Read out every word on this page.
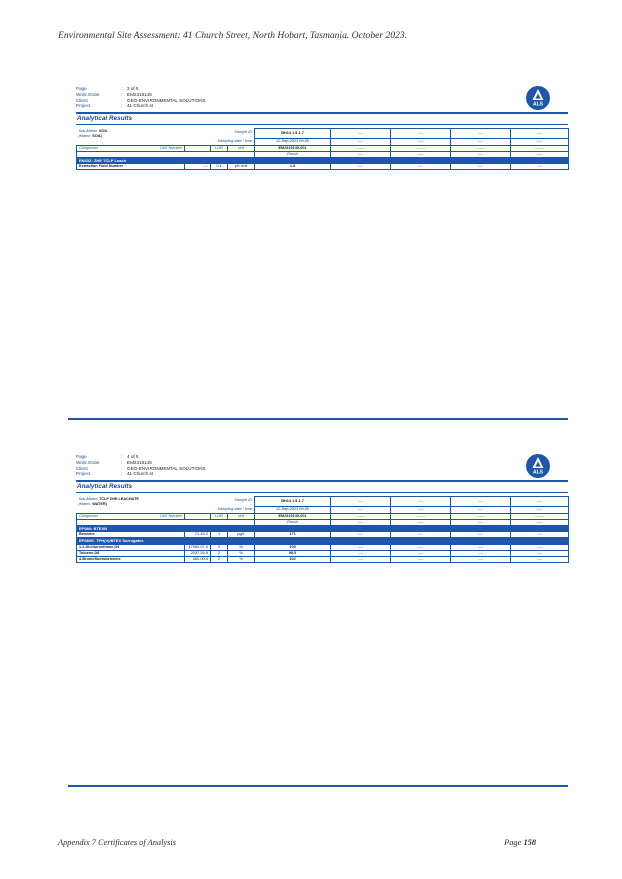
Environmental Site Assessment: 41 Church Street, North Hobart, Tasmania. October 2023.
Page	:	3 of 5
Work Order	:	EM2319145
Client	:	GEO-ENVIRONMENTAL SOLUTIONS
Project	:	41 Church st	ALS
Analytical Results
Sub-Matrix: SOIL
(Matrix: SOIL)
Sample ID				BH14 1.5-1.7	----	----	----	----
Sampling date / time				22-Sep-2023 09:25	----	----	----	----
Compound CAS Number		LOR	Unit	EM2319145-001	-------	-------	-------	-------
				Result	----	----	----	----
EN33Z: ZHE TCLP Leach								
Extraction Fluid Number	----	0.1	pH Unit	1.8	----	----	----	----
Page	:	4 of 5
Work Order	:	EM2319145
Client	:	GEO-ENVIRONMENTAL SOLUTIONS
Project	:	41 Church st	ALS
Analytical Results
Sub-Matrix: TCLP ZHE LEACHATE
(Matrix: WATER)
Sample ID				BH14 1.5-1.7	----	----	----	----
Sampling date / time				22-Sep-2023 09:25	----	----	----	----
Compound CAS Number		LOR	Unit	EM2319145-001	-------	-------	-------	-------
				Result	----	----	----	----
EP080: BTEXN								
Benzene	71-43-2	1	µg/L	171	----	----	----	----
EP080S: TPH(V)/BTEX Surrogates								
1.2-Dichloroethane-D4	17060-07-0	2	%	109	----	----	----	----
Toluene-D8	2037-26-5	2	%	98.5	----	----	----	----
4-Bromofluorobenzene	460-00-4	2	%	102	----	----	----	----
Appendix 7 Certificates of Analysis	Page 158
